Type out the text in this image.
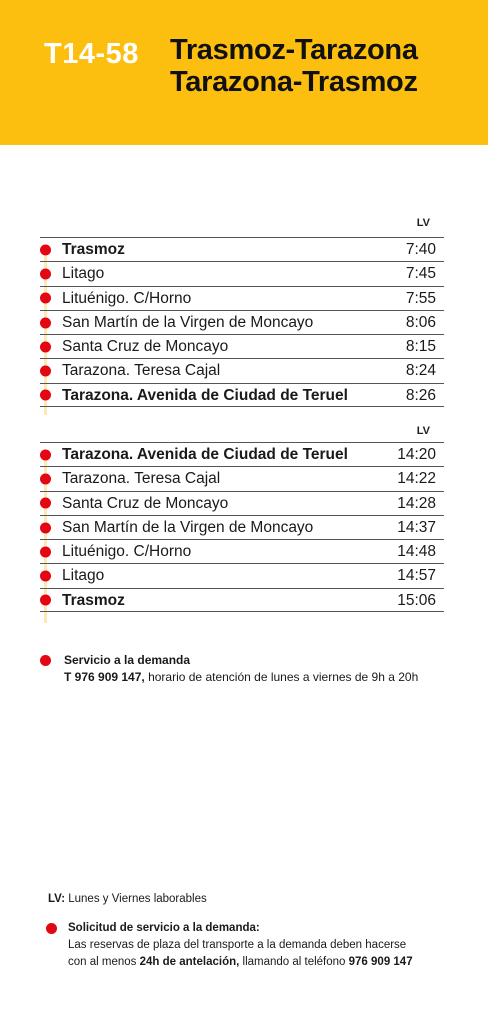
T14-58 Trasmoz-Tarazona
Tarazona-Trasmoz
LV
Trasmoz	7:40
Litago	7:45
Lituénigo. C/Horno	7:55
San Martín de la Virgen de Moncayo	8:06
Santa Cruz de Moncayo	8:15
Tarazona. Teresa Cajal	8:24
Tarazona. Avenida de Ciudad de Teruel	8:26
LV
Tarazona. Avenida de Ciudad de Teruel	14:20
Tarazona. Teresa Cajal	14:22
Santa Cruz de Moncayo	14:28
San Martín de la Virgen de Moncayo	14:37
Lituénigo. C/Horno	14:48
Litago	14:57
Trasmoz	15:06
Servicio a la demanda
T 976 909 147, horario de atención de lunes a viernes de 9h a 20h
LV: Lunes y Viernes laborables
Solicitud de servicio a la demanda:
Las reservas de plaza del transporte a la demanda deben hacerse
con al menos 24h de antelación, llamando al teléfono 976 909 147
